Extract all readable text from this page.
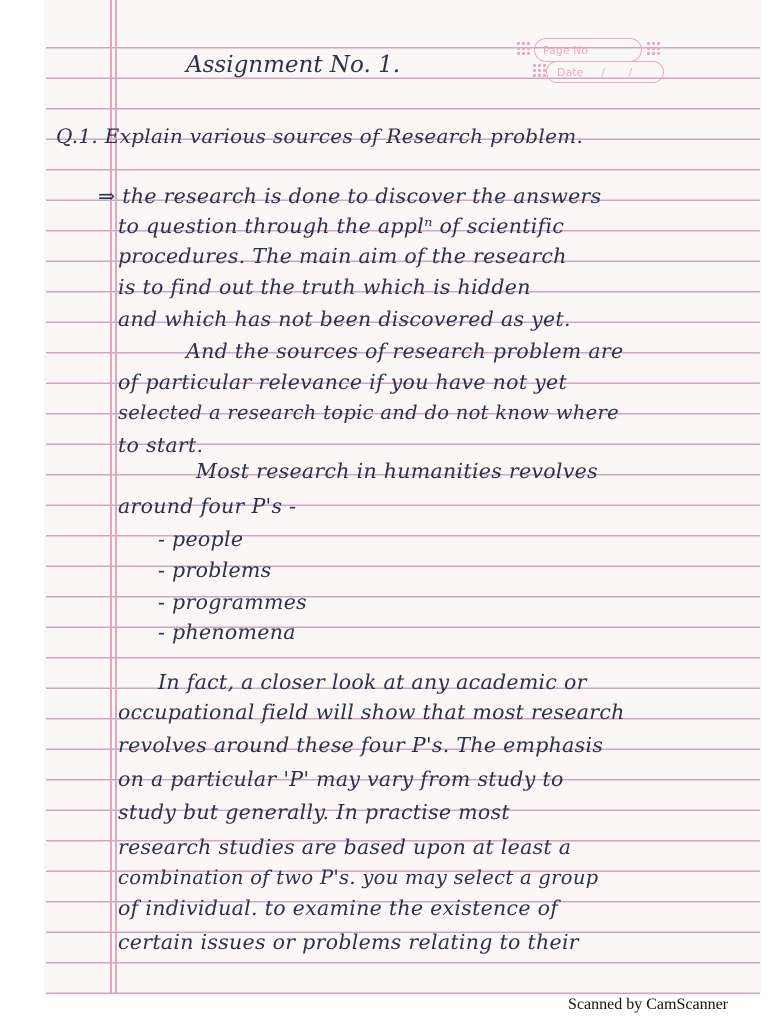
Page No
Date / /
Assignment No. 1.
Q.1. Explain various sources of Research problem.
⇒ the research is done to discover the answers
to question through the applⁿ of scientific
procedures. The main aim of the research
is to find out the truth which is hidden
and which has not been discovered as yet.
And the sources of research problem are
of particular relevance if you have not yet
selected a research topic and do not know where
to start.
Most research in humanities revolves
around four P's -
- people
- problems
- programmes
- phenomena
In fact, a closer look at any academic or
occupational field will show that most research
revolves around these four P's. The emphasis
on a particular 'P' may vary from study to
study but generally. In practise most
research studies are based upon at least a
combination of two P's. you may select a group
of individual. to examine the existence of
certain issues or problems relating to their
Scanned by CamScanner
